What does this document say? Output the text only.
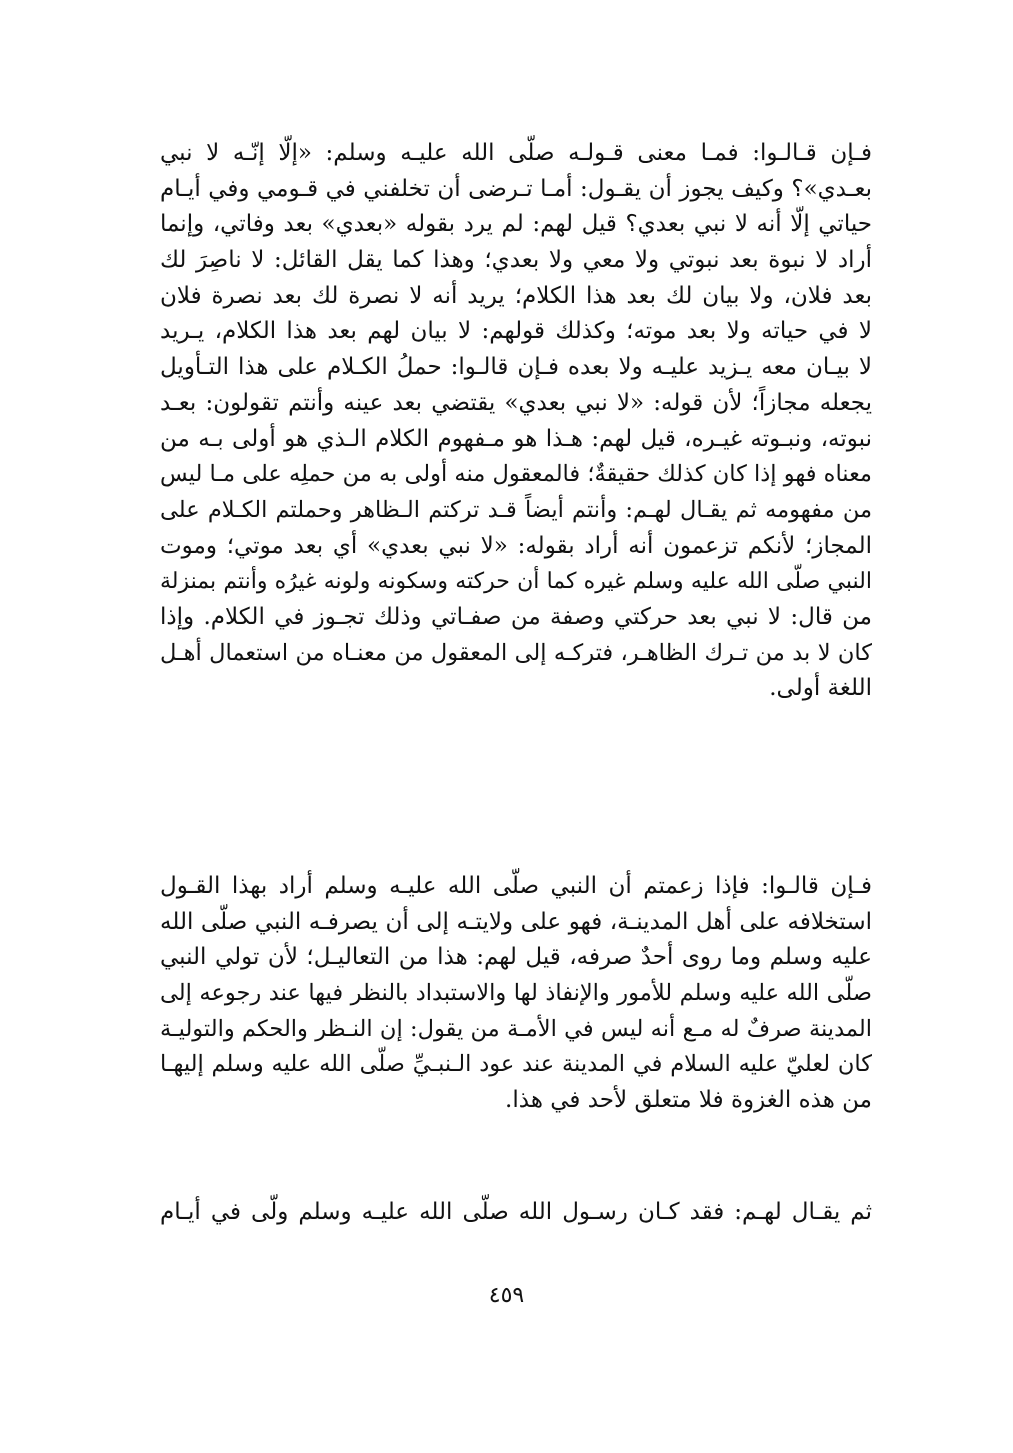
فـإن قـالـوا: فمـا معنى قـولـه صلّى الله عليـه وسلم: «إلّا إنّـه لا نبي
بعـدي»؟ وكيف يجوز أن يقـول: أمـا تـرضى أن تخلفني في قـومي وفي أيـام
حياتي إلّا أنه لا نبي بعدي؟ قيل لهم: لم يرد بقوله «بعدي» بعد وفاتي، وإنما
أراد لا نبوة بعد نبوتي ولا معي ولا بعدي؛ وهذا كما يقل القائل: لا ناصِرَ لك
بعد فلان، ولا بيان لك بعد هذا الكلام؛ يريد أنه لا نصرة لك بعد نصرة فلان
لا في حياته ولا بعد موته؛ وكذلك قولهم: لا بيان لهم بعد هذا الكلام، يـريد
لا بيـان معه يـزيد عليـه ولا بعده فـإن قالـوا: حملُ الكـلام على هذا التـأويل
يجعله مجازاً؛ لأن قوله: «لا نبي بعدي» يقتضي بعد عينه وأنتم تقولون: بعـد
نبوته، ونبـوته غيـره، قيل لهم: هـذا هو مـفهوم الكلام الـذي هو أولى بـه من
معناه فهو إذا كان كذلك حقيقةٌ؛ فالمعقول منه أولى به من حملِه على مـا ليس
من مفهومه ثم يقـال لهـم: وأنتم أيضاً قـد تركتم الـظاهر وحملتم الكـلام على
المجاز؛ لأنكم تزعمون أنه أراد بقوله: «لا نبي بعدي» أي بعد موتي؛ وموت
النبي صلّى الله عليه وسلم غيره كما أن حركته وسكونه ولونه غيرُه وأنتم بمنزلة
من قال: لا نبي بعد حركتي وصفة من صفـاتي وذلك تجـوز في الكلام. وإذا
كان لا بد من تـرك الظاهـر، فتركـه إلى المعقول من معنـاه من استعمال أهـل
اللغة أولى.
فـإن قالـوا: فإذا زعمتم أن النبي صلّى الله عليـه وسلم أراد بهذا القـول
استخلافه على أهل المدينـة، فهو على ولايتـه إلى أن يصرفـه النبي صلّى الله
عليه وسلم وما روى أحدٌ صرفه، قيل لهم: هذا من التعاليـل؛ لأن تولي النبي
صلّى الله عليه وسلم للأمور والإنفاذ لها والاستبداد بالنظر فيها عند رجوعه إلى
المدينة صرفٌ له مـع أنه ليس في الأمـة من يقول: إن النـظر والحكم والتوليـة
كان لعليّ عليه السلام في المدينة عند عود الـنبـيِّ صلّى الله عليه وسلم إليهـا
من هذه الغزوة فلا متعلق لأحد في هذا.
ثم يقـال لهـم: فقد كـان رسـول الله صلّى الله عليـه وسلم ولّى في أيـام
٤٥٩
